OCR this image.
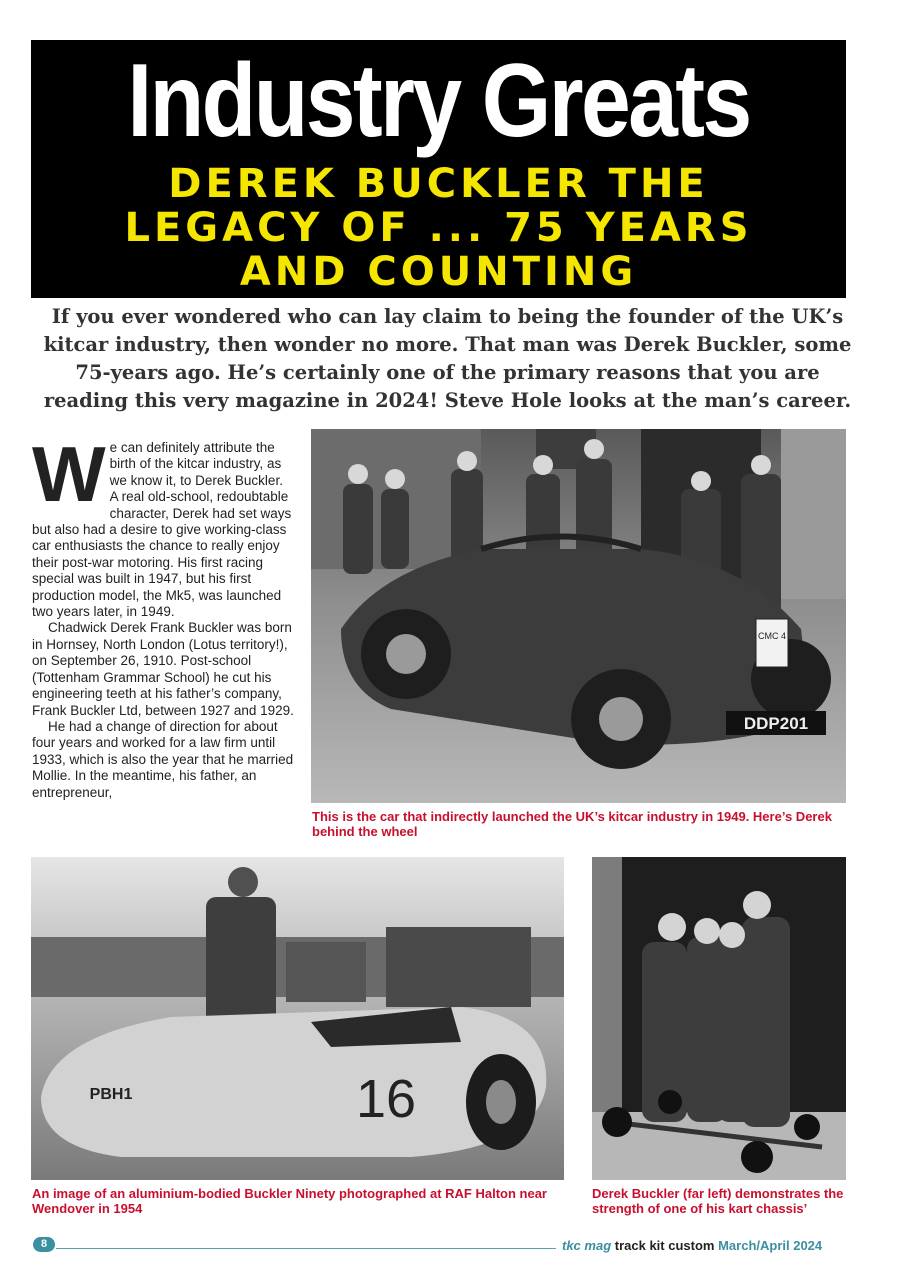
Industry Greats
DEREK BUCKLER THE
LEGACY OF ... 75 YEARS
AND COUNTING
If you ever wondered who can lay claim to being the founder of the UK’s kitcar industry, then wonder no more. That man was Derek Buckler, some 75-years ago. He’s certainly one of the primary reasons that you are reading this very magazine in 2024! Steve Hole looks at the man’s career.

W e can definitely attribute the birth of the kitcar industry, as we know it, to Derek Buckler. A real old-school, redoubtable character, Derek had set ways but also had a desire to give working-class car enthusiasts the chance to really enjoy their post-war motoring. His first racing special was built in 1947, but his first production model, the Mk5, was launched two years later, in 1949.

Chadwick Derek Frank Buckler was born in Hornsey, North London (Lotus territory!), on September 26, 1910. Post-school (Tottenham Grammar School) he cut his engineering teeth at his father’s company, Frank Buckler Ltd, between 1927 and 1929.

He had a change of direction for about four years and worked for a law firm until 1933, which is also the year that he married Mollie. In the meantime, his father, an entrepreneur,

CMC 4
DDP201
This is the car that indirectly launched the UK’s kitcar industry in 1949. Here’s Derek behind the wheel
16
PBH1
An image of an aluminium-bodied Buckler Ninety photographed at RAF Halton near Wendover in 1954
Derek Buckler (far left) demonstrates the strength of one of his kart chassis’
8	tkc mag track kit custom March/April 2024
